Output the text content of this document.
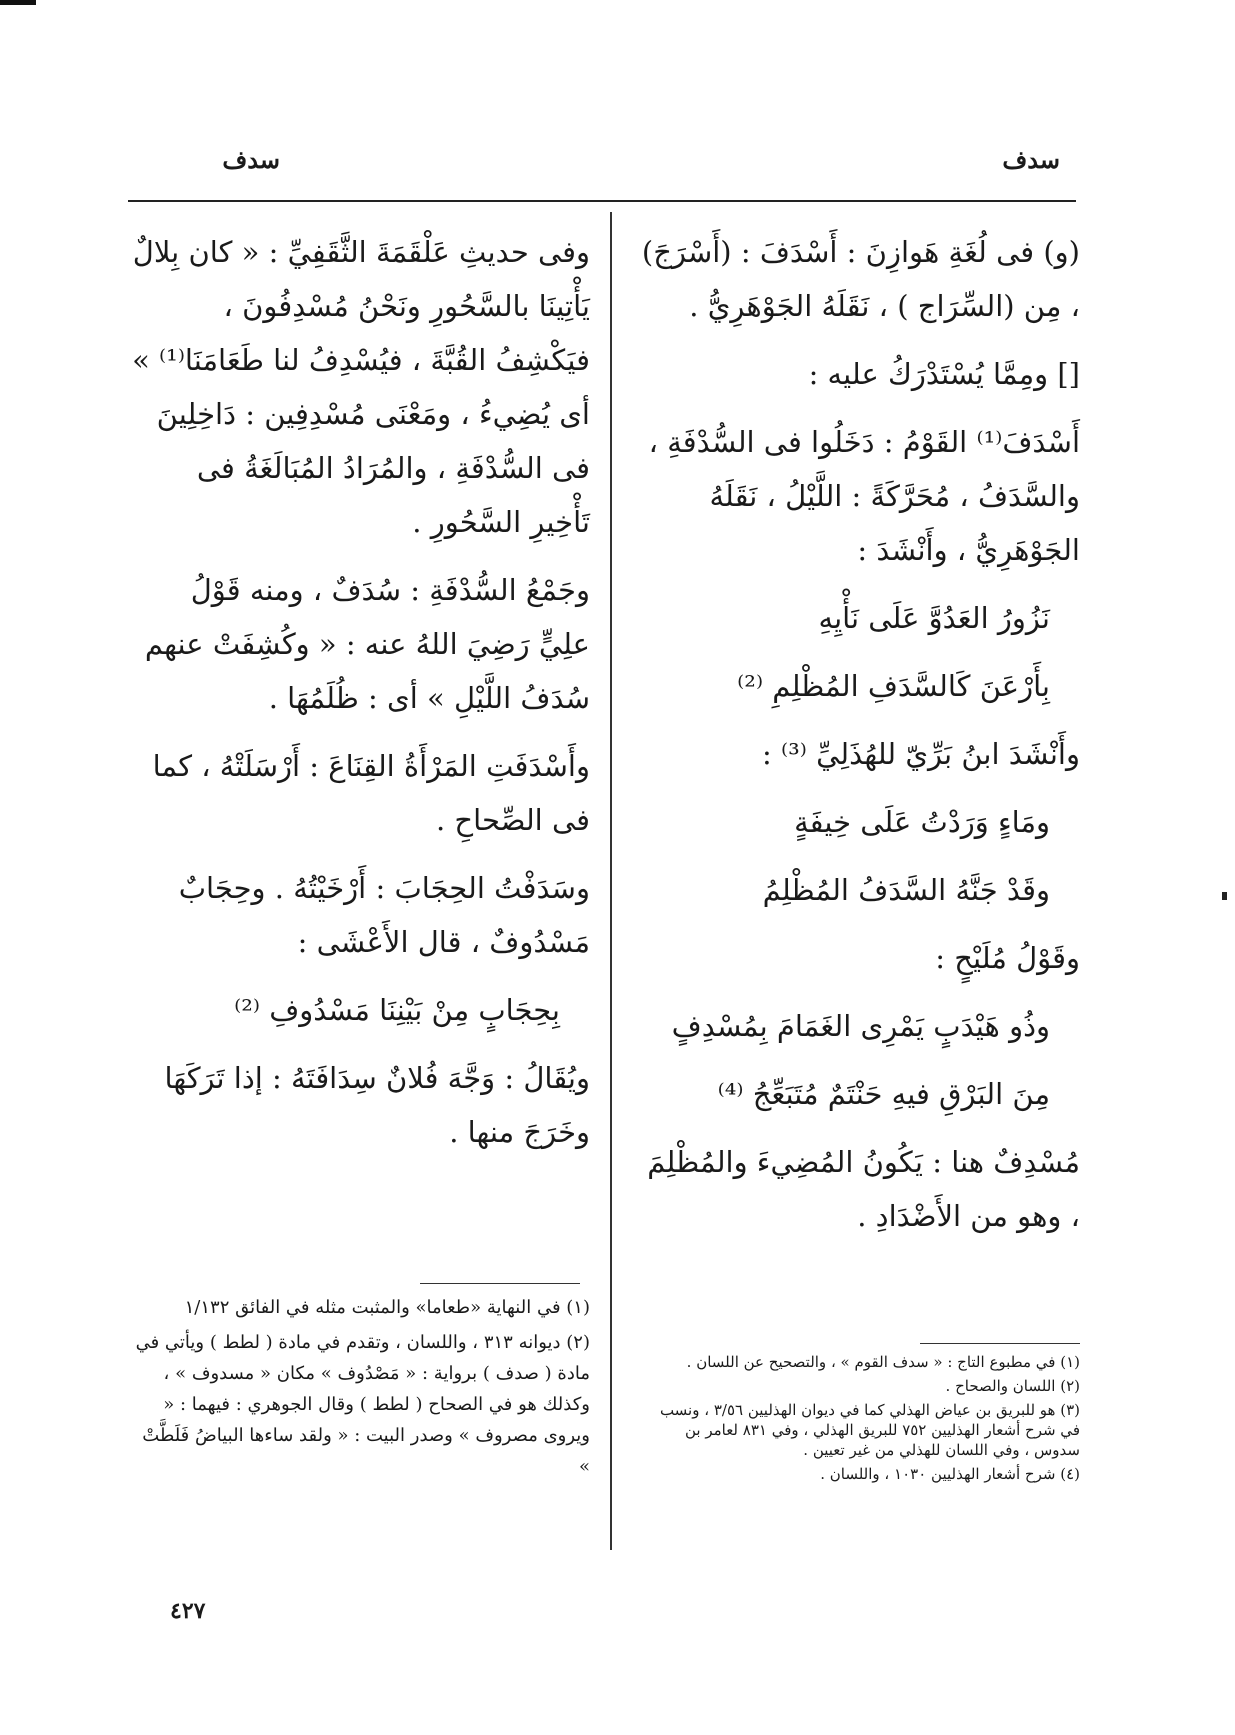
سدف
سدف

(و) فى لُغَةِ هَوازِنَ : أَسْدَفَ : (أَسْرَجَ) ، مِن (السِّرَاج ) ، نَقَلَهُ الجَوْهَرِيُّ .

[] ومِمَّا يُسْتَدْرَكُ عليه :

أَسْدَفَ⁽¹⁾ القَوْمُ : دَخَلُوا فى السُّدْفَةِ ، والسَّدَفُ ، مُحَرَّكَةً : اللَّيْلُ ، نَقَلَهُ الجَوْهَرِيُّ ، وأَنْشَدَ :

نَزُورُ العَدُوَّ عَلَى نَأْيِهِ

بِأَرْعَنَ كَالسَّدَفِ المُظْلِمِ ⁽²⁾

وأَنْشَدَ ابنُ بَرِّيّ للهُذَلِيِّ ⁽³⁾ :

ومَاءٍ وَرَدْتُ عَلَى خِيفَةٍ

وقَدْ جَنَّهُ السَّدَفُ المُظْلِمُ

وقَوْلُ مُلَيْحٍ :

وذُو هَيْدَبٍ يَمْرِى الغَمَامَ بِمُسْدِفٍ

مِنَ البَرْقِ فيهِ حَنْتَمٌ مُتَبَعِّجُ ⁽⁴⁾

مُسْدِفٌ هنا : يَكُونُ المُضِيءَ والمُظْلِمَ ، وهو من الأَضْدَادِ .

وفى حديثِ عَلْقَمَةَ الثَّقَفِيِّ : « كان بِلالٌ يَأْتِينَا بالسَّحُورِ ونَحْنُ مُسْدِفُونَ ، فيَكْشِفُ القُبَّةَ ، فيُسْدِفُ لنا طَعَامَنَا⁽¹⁾ » أى يُضِيءُ ، ومَعْنَى مُسْدِفِين : دَاخِلِينَ فى السُّدْفَةِ ، والمُرَادُ المُبَالَغَةُ فى تَأْخِيرِ السَّحُورِ .

وجَمْعُ السُّدْفَةِ : سُدَفٌ ، ومنه قَوْلُ علِيٍّ رَضِيَ اللهُ عنه : « وكُشِفَتْ عنهم سُدَفُ اللَّيْلِ » أى : ظُلَمُهَا .

وأَسْدَفَتِ المَرْأَةُ القِنَاعَ : أَرْسَلَتْهُ ، كما فى الصِّحاحِ .

وسَدَفْتُ الحِجَابَ : أَرْخَيْتُهُ . وحِجَابٌ مَسْدُوفٌ ، قال الأَعْشَى :

بِحِجَابٍ مِنْ بَيْنِنَا مَسْدُوفِ ⁽²⁾

ويُقَالُ : وَجَّهَ فُلانٌ سِدَافَتَهُ : إذا تَرَكَهَا وخَرَجَ منها .

(١) في مطبوع التاج : « سدف القوم » ، والتصحيح عن اللسان .

(٢) اللسان والصحاح .

(٣) هو للبريق بن عياض الهذلي كما في ديوان الهذليين ٣/٥٦ ، ونسب في شرح أشعار الهذليين ٧٥٢ للبريق الهذلي ، وفي ٨٣١ لعامر بن سدوس ، وفي اللسان للهذلي من غير تعيين .

(٤) شرح أشعار الهذليين ١٠٣٠ ، واللسان .

(١) في النهاية «طعاما» والمثبت مثله في الفائق ١/١٣٢

(٢) ديوانه ٣١٣ ، واللسان ، وتقدم في مادة ( لطط ) ويأتي في مادة ( صدف ) برواية : « مَصْدُوف » مكان « مسدوف » ، وكذلك هو في الصحاح ( لطط ) وقال الجوهري : فيهما : « ويروى مصروف » وصدر البيت : « ولقد ساءها البياضُ فَلَطَّتْ »

٤٢٧
